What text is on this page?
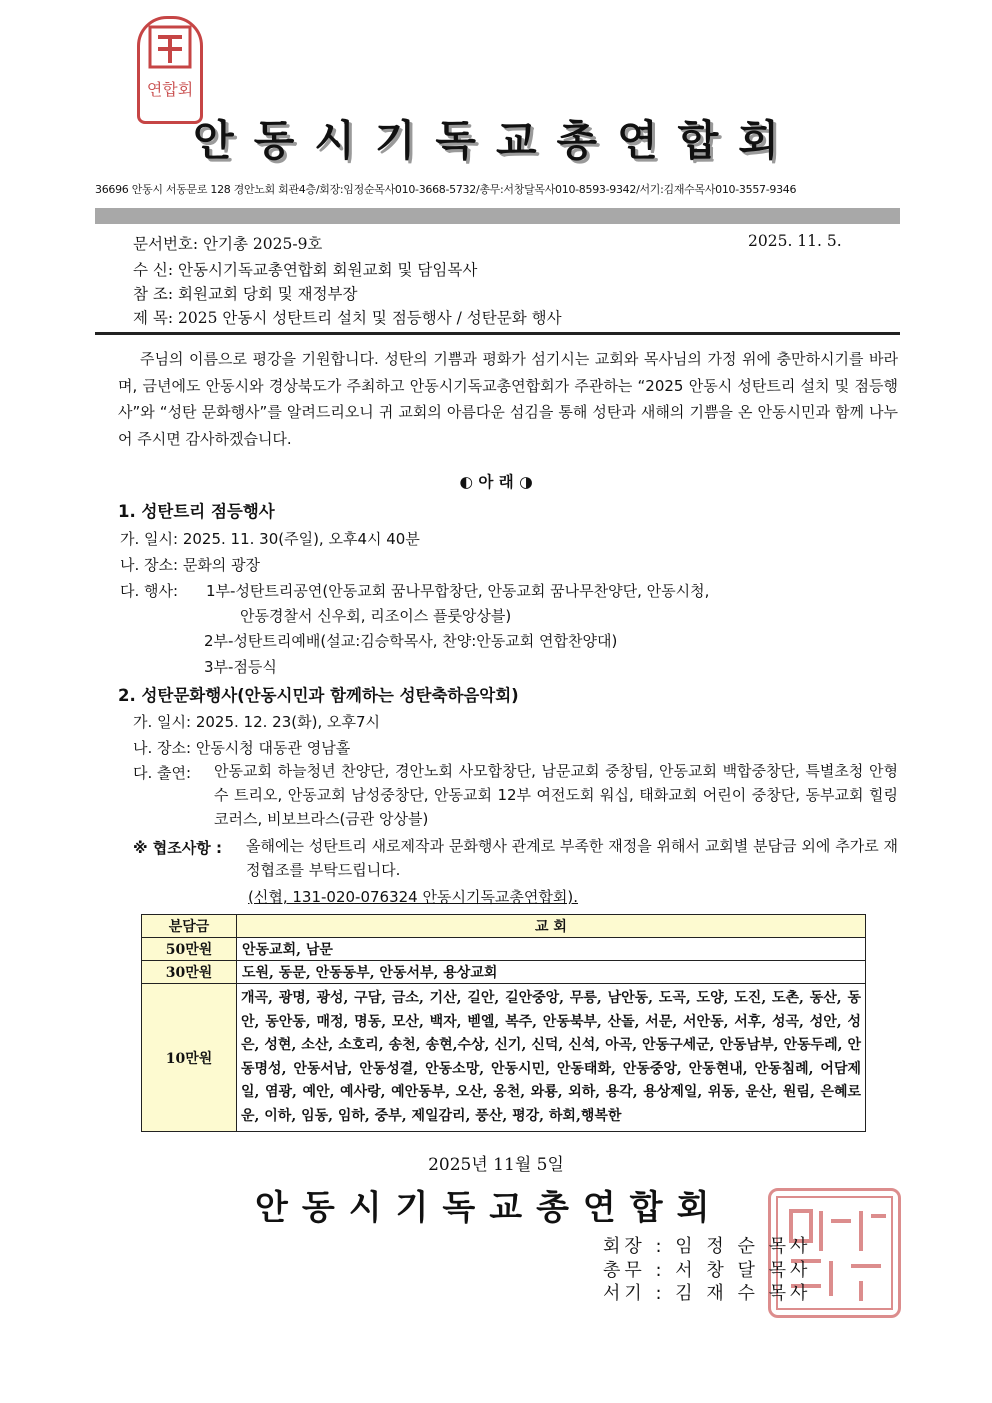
연합회
안동시기독교총연합회
36696 안동시 서동문로 128 경안노회 회관4층/회장:임정순목사010-3668-5732/총무:서창달목사010-8593-9342/서기:김재수목사010-3557-9346
문서번호: 안기총 2025-9호	2025. 11. 5.
수 신: 안동시기독교총연합회 회원교회 및 담임목사
참 조: 회원교회 당회 및 재정부장
제 목: 2025 안동시 성탄트리 설치 및 점등행사 / 성탄문화 행사
주님의 이름으로 평강을 기원합니다. 성탄의 기쁨과 평화가 섬기시는 교회와 목사님의 가정 위에 충만하시기를 바라며, 금년에도 안동시와 경상북도가 주최하고 안동시기독교총연합회가 주관하는 “2025 안동시 성탄트리 설치 및 점등행사”와 “성탄 문화행사”를 알려드리오니 귀 교회의 아름다운 섬김을 통해 성탄과 새해의 기쁨을 온 안동시민과 함께 나누어 주시면 감사하겠습니다.
◐ 아 래 ◑
1. 성탄트리 점등행사
가. 일시: 2025. 11. 30(주일), 오후4시 40분
나. 장소: 문화의 광장
다. 행사: 1부-성탄트리공연(안동교회 꿈나무합창단, 안동교회 꿈나무찬양단, 안동시청,
안동경찰서 신우회, 리조이스 플룻앙상블)
2부-성탄트리예배(설교:김승학목사, 찬양:안동교회 연합찬양대)
3부-점등식
2. 성탄문화행사(안동시민과 함께하는 성탄축하음악회)
가. 일시: 2025. 12. 23(화), 오후7시
나. 장소: 안동시청 대동관 영남홀
다. 출연: 안동교회 하늘청년 찬양단, 경안노회 사모합창단, 남문교회 중창팀, 안동교회 백합중창단, 특별초청 안형수 트리오, 안동교회 남성중창단, 안동교회 12부 여전도회 워십, 태화교회 어린이 중창단, 동부교회 힐링코러스, 비보브라스(금관 앙상블)
※ 협조사항 : 올해에는 성탄트리 새로제작과 문화행사 관계로 부족한 재정을 위해서 교회별 분담금 외에 추가로 재정협조를 부탁드립니다.
(신협, 131-020-076324 안동시기독교총연합회).
분담금	교 회
50만원	안동교회, 남문
30만원	도원, 동문, 안동동부, 안동서부, 용상교회
10만원	개곡, 광명, 광성, 구담, 금소, 기산, 길안, 길안중앙, 무릉, 남안동, 도곡, 도양, 도진, 도촌, 동산, 동안, 동안동, 매정, 명동, 모산, 백자, 벧엘, 복주, 안동북부, 산돌, 서문, 서안동, 서후, 성곡, 성안, 성은, 성현, 소산, 소호리, 송천, 송현,수상, 신기, 신덕, 신석, 아곡, 안동구세군, 안동남부, 안동두레, 안동명성, 안동서남, 안동성결, 안동소망, 안동시민, 안동태화, 안동중앙, 안동현내, 안동침례, 어담제일, 염광, 예안, 예사랑, 예안동부, 오산, 옹천, 와룡, 외하, 용각, 용상제일, 위동, 운산, 원림, 은혜로운, 이하, 임동, 임하, 중부, 제일감리, 풍산, 평강, 하회,행복한
2025년 11월 5일
안동시기독교총연합회
회장 : 임 정 순 목사
총무 : 서 창 달 목사
서기 : 김 재 수 목사
